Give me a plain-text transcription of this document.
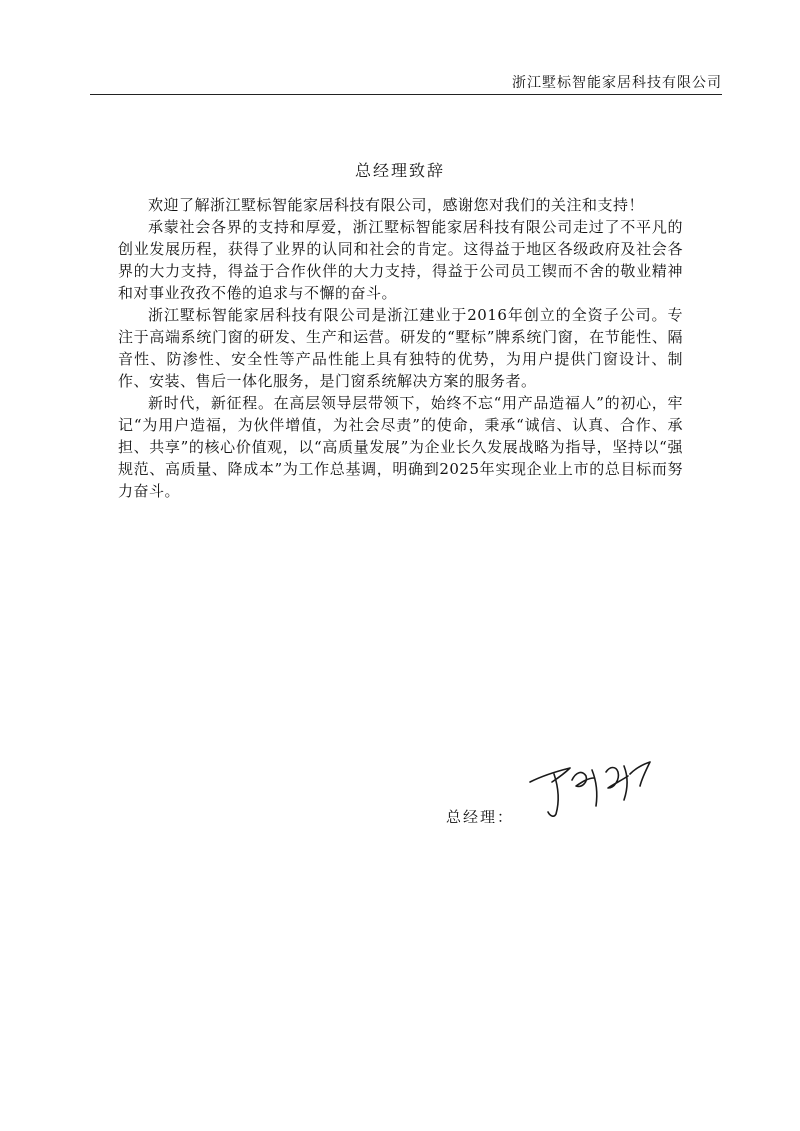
浙江墅标智能家居科技有限公司
总经理致辞

欢迎了解浙江墅标智能家居科技有限公司，感谢您对我们的关注和支持！

承蒙社会各界的支持和厚爱，浙江墅标智能家居科技有限公司走过了不平凡的创业发展历程，获得了业界的认同和社会的肯定。这得益于地区各级政府及社会各界的大力支持，得益于合作伙伴的大力支持，得益于公司员工锲而不舍的敬业精神和对事业孜孜不倦的追求与不懈的奋斗。

浙江墅标智能家居科技有限公司是浙江建业于2016年创立的全资子公司。专注于高端系统门窗的研发、生产和运营。研发的“墅标”牌系统门窗，在节能性、隔音性、防渗性、安全性等产品性能上具有独特的优势，为用户提供门窗设计、制作、安装、售后一体化服务，是门窗系统解决方案的服务者。

新时代，新征程。在高层领导层带领下，始终不忘“用产品造福人”的初心，牢记“为用户造福，为伙伴增值，为社会尽责”的使命，秉承“诚信、认真、合作、承担、共享”的核心价值观，以“高质量发展”为企业长久发展战略为指导，坚持以“强规范、高质量、降成本”为工作总基调，明确到2025年实现企业上市的总目标而努力奋斗。

总经理：
